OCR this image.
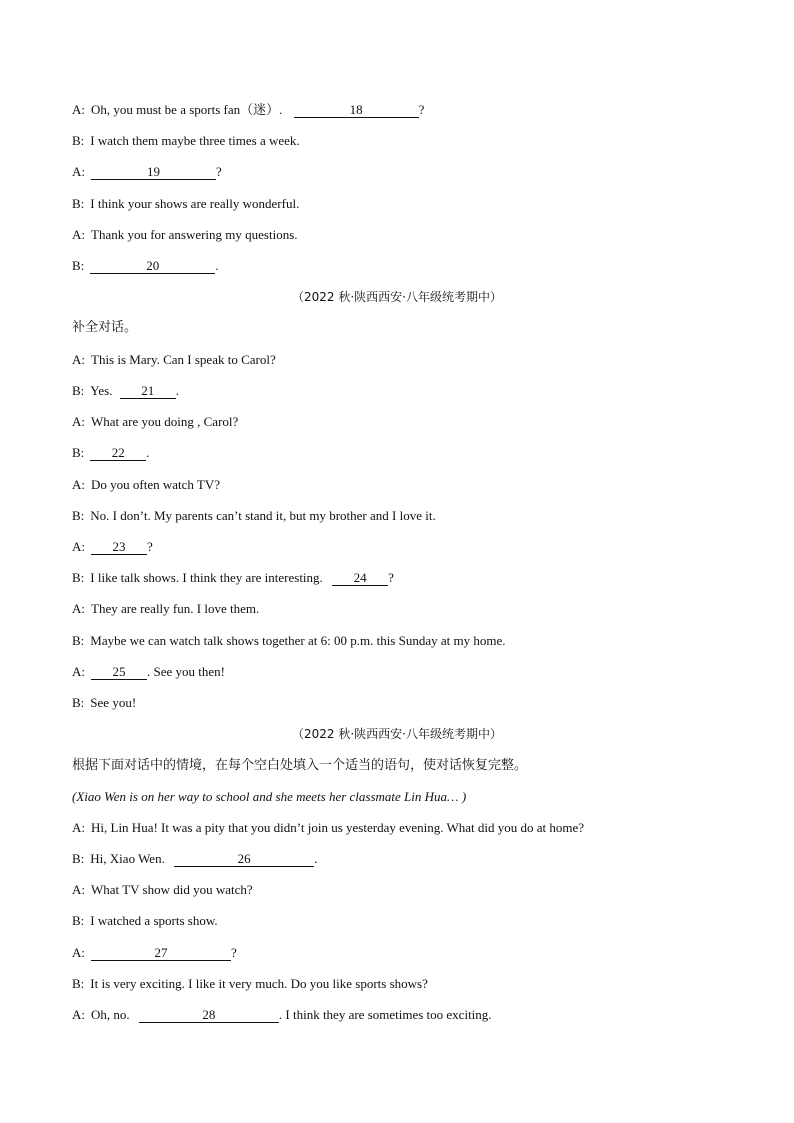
A: Oh, you must be a sports fan（迷）.	18	?
B: I watch them maybe three times a week.
A:	19	?
B: I think your shows are really wonderful.
A: Thank you for answering my questions.
B:	20	.
（2022 秋·陕西西安·八年级统考期中）
补全对话。
A: This is Mary. Can I speak to Carol?
B: Yes. 21 .
A: What are you doing , Carol?
B: 22 .
A: Do you often watch TV?
B: No. I don’t. My parents can’t stand it, but my brother and I love it.
A: 23 ?
B: I like talk shows. I think they are interesting. 24 ?
A: They are really fun. I love them.
B: Maybe we can watch talk shows together at 6: 00 p.m. this Sunday at my home.
A: 25 . See you then!
B: See you!
（2022 秋·陕西西安·八年级统考期中）
根据下面对话中的情境，在每个空白处填入一个适当的语句，使对话恢复完整。
(Xiao Wen is on her way to school and she meets her classmate Lin Hua… )
A: Hi, Lin Hua! It was a pity that you didn’t join us yesterday evening. What did you do at home?
B: Hi, Xiao Wen.	26	.
A: What TV show did you watch?
B: I watched a sports show.
A:	27	?
B: It is very exciting. I like it very much. Do you like sports shows?
A: Oh, no.	28	. I think they are sometimes too exciting.
